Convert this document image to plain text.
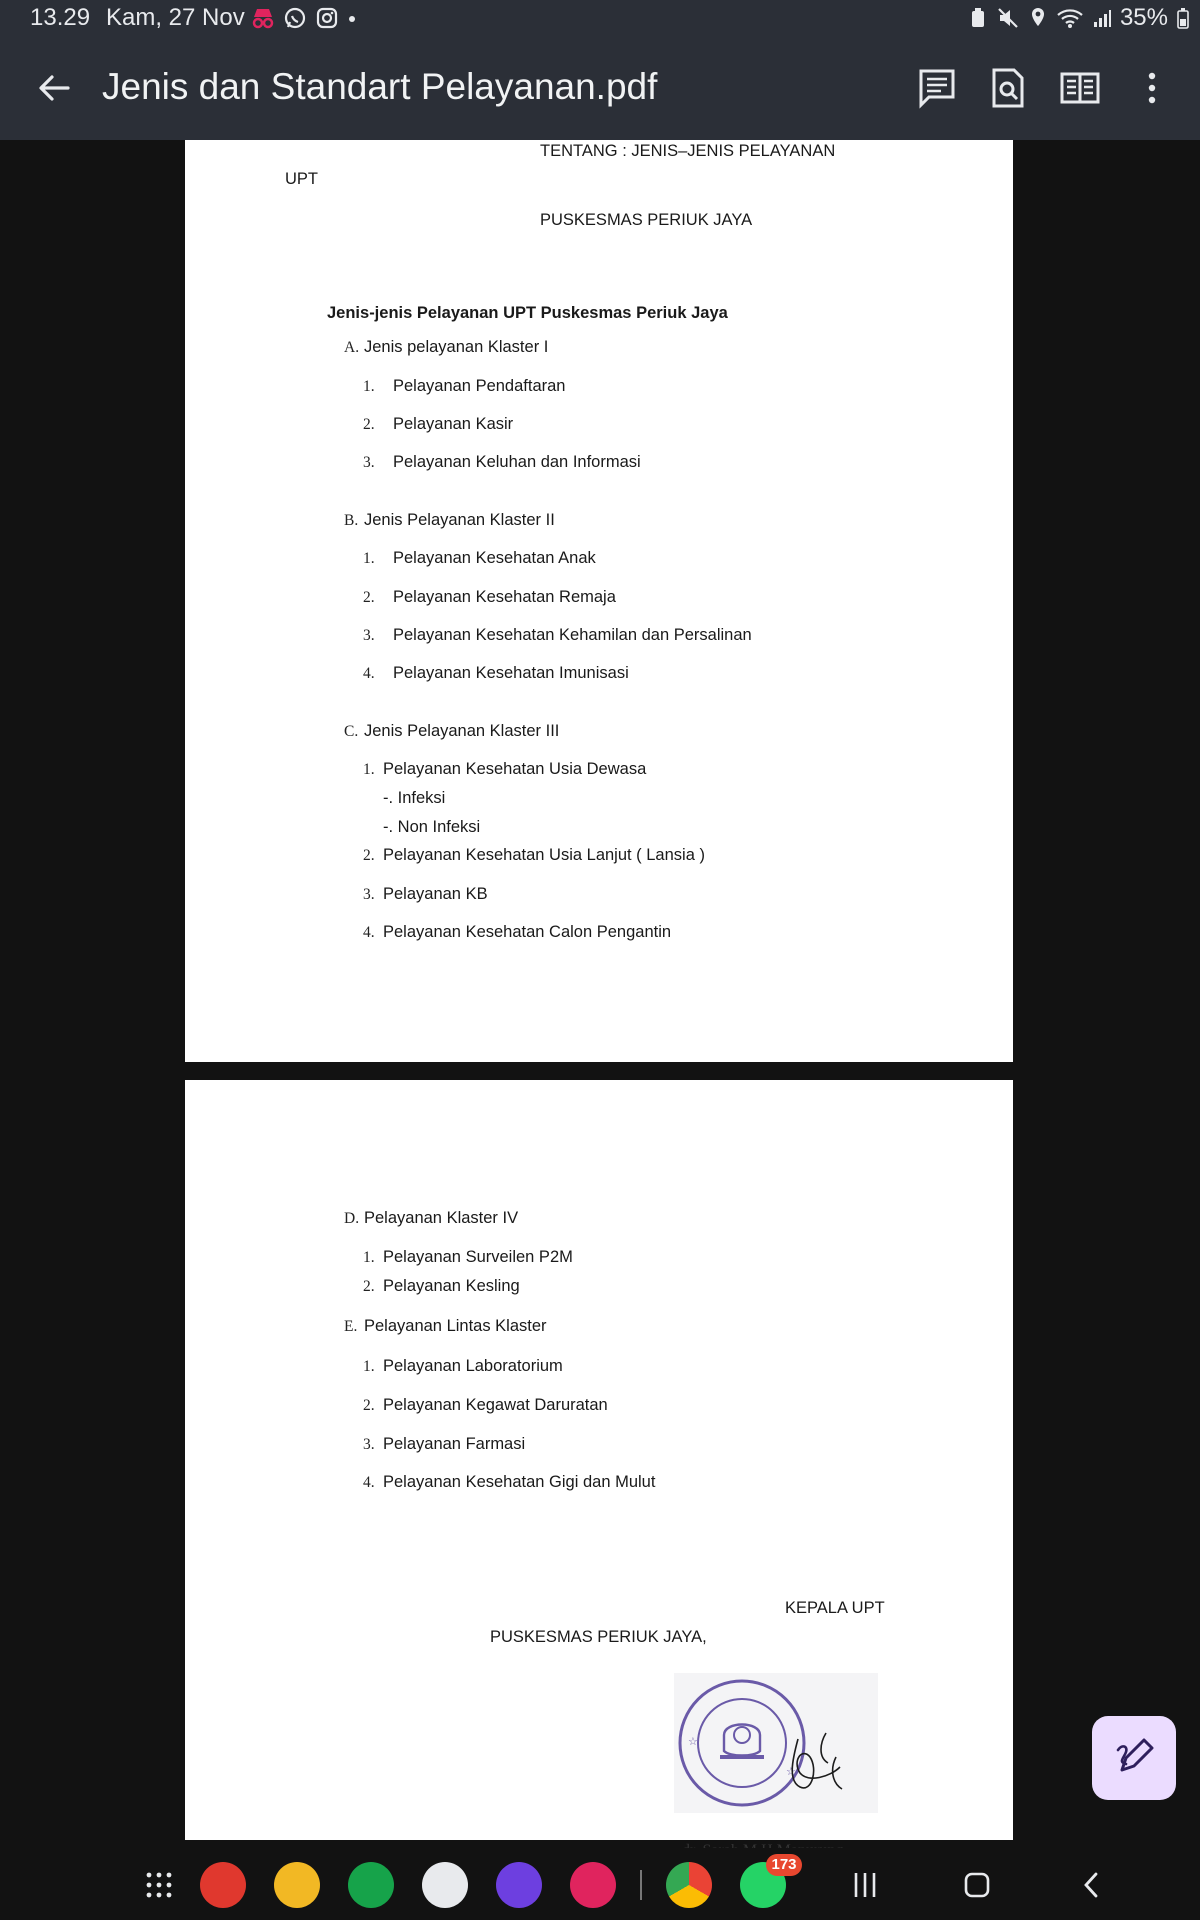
13.29 Kam, 27 Nov	35%
Jenis dan Standart Pelayanan.pdf
TENTANG : JENIS–JENIS PELAYANAN
UPT
PUSKESMAS PERIUK JAYA
Jenis-jenis Pelayanan UPT Puskesmas Periuk Jaya
A. Jenis pelayanan Klaster I
1. Pelayanan Pendaftaran
2. Pelayanan Kasir
3. Pelayanan Keluhan dan Informasi
B. Jenis Pelayanan Klaster II
1. Pelayanan Kesehatan Anak
2. Pelayanan Kesehatan Remaja
3. Pelayanan Kesehatan Kehamilan dan Persalinan
4. Pelayanan Kesehatan Imunisasi
C. Jenis Pelayanan Klaster III
1. Pelayanan Kesehatan Usia Dewasa
-. Infeksi
-. Non Infeksi
2. Pelayanan Kesehatan Usia Lanjut ( Lansia )
3. Pelayanan KB
4. Pelayanan Kesehatan Calon Pengantin
D. Pelayanan Klaster IV
1. Pelayanan Surveilen P2M
2. Pelayanan Kesling
E. Pelayanan Lintas Klaster
1. Pelayanan Laboratorium
2. Pelayanan Kegawat Daruratan
3. Pelayanan Farmasi
4. Pelayanan Kesehatan Gigi dan Mulut
KEPALA UPT
PUSKESMAS PERIUK JAYA,
☆
☆
173
